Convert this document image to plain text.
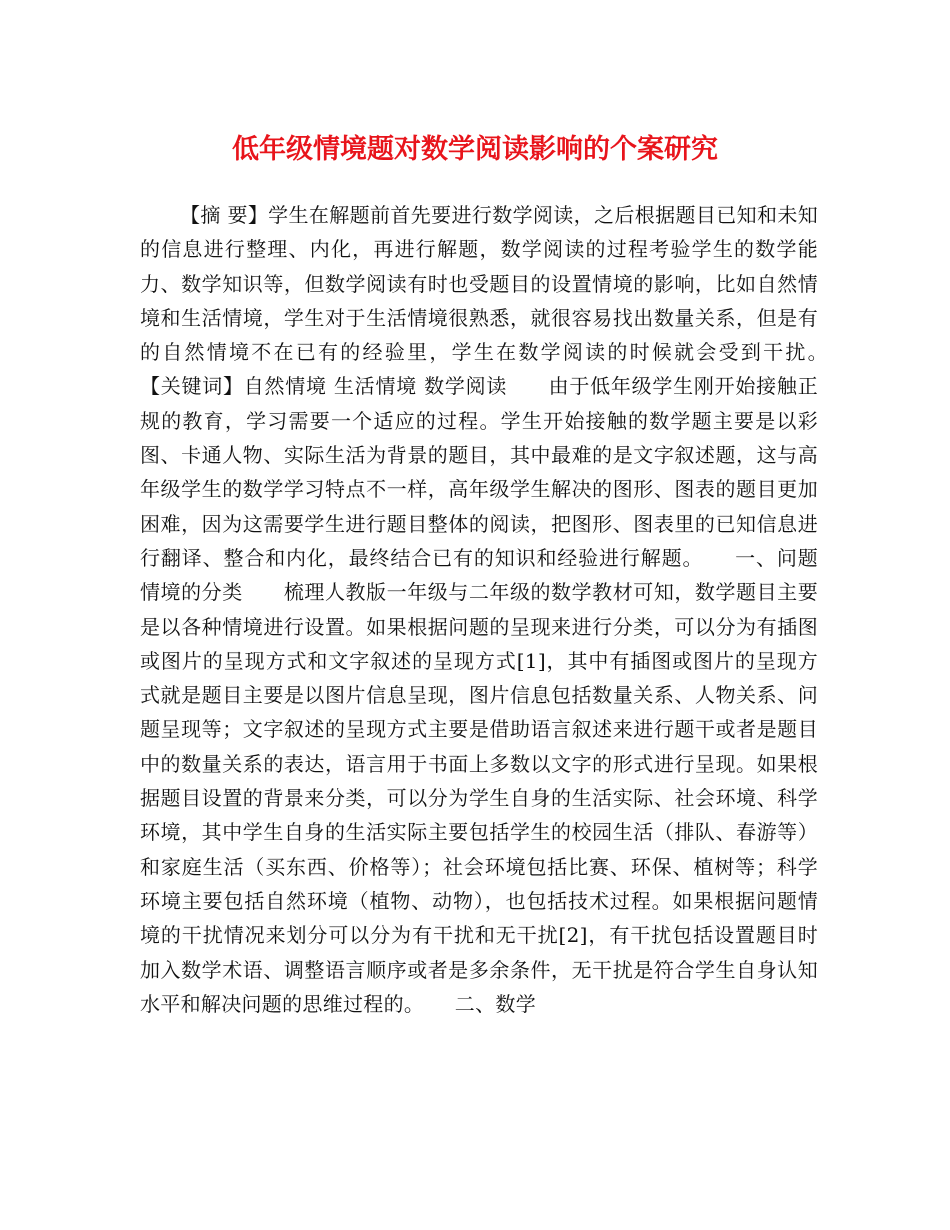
低年级情境题对数学阅读影响的个案研究

【摘 要】学生在解题前首先要进行数学阅读，之后根据题目已知和未知的信息进行整理、内化，再进行解题，数学阅读的过程考验学生的数学能力、数学知识等，但数学阅读有时也受题目的设置情境的影响，比如自然情境和生活情境，学生对于生活情境很熟悉，就很容易找出数量关系，但是有的自然情境不在已有的经验里，学生在数学阅读的时候就会受到干扰。　　【关键词】自然情境 生活情境 数学阅读　　由于低年级学生刚开始接触正规的教育，学习需要一个适应的过程。学生开始接触的数学题主要是以彩图、卡通人物、实际生活为背景的题目，其中最难的是文字叙述题，这与高年级学生的数学学习特点不一样，高年级学生解决的图形、图表的题目更加困难，因为这需要学生进行题目整体的阅读，把图形、图表里的已知信息进行翻译、整合和内化，最终结合已有的知识和经验进行解题。　　一、问题情境的分类　　梳理人教版一年级与二年级的数学教材可知，数学题目主要是以各种情境进行设置。如果根据问题的呈现来进行分类，可以分为有插图或图片的呈现方式和文字叙述的呈现方式[1]，其中有插图或图片的呈现方式就是题目主要是以图片信息呈现，图片信息包括数量关系、人物关系、问题呈现等；文字叙述的呈现方式主要是借助语言叙述来进行题干或者是题目中的数量关系的表达，语言用于书面上多数以文字的形式进行呈现。如果根据题目设置的背景来分类，可以分为学生自身的生活实际、社会环境、科学环境，其中学生自身的生活实际主要包括学生的校园生活（排队、春游等）和家庭生活（买东西、价格等）；社会环境包括比赛、环保、植树等；科学环境主要包括自然环境（植物、动物），也包括技术过程。如果根据问题情境的干扰情况来划分可以分为有干扰和无干扰[2]，有干扰包括设置题目时加入数学术语、调整语言顺序或者是多余条件，无干扰是符合学生自身认知水平和解决问题的思维过程的。　　二、数学
